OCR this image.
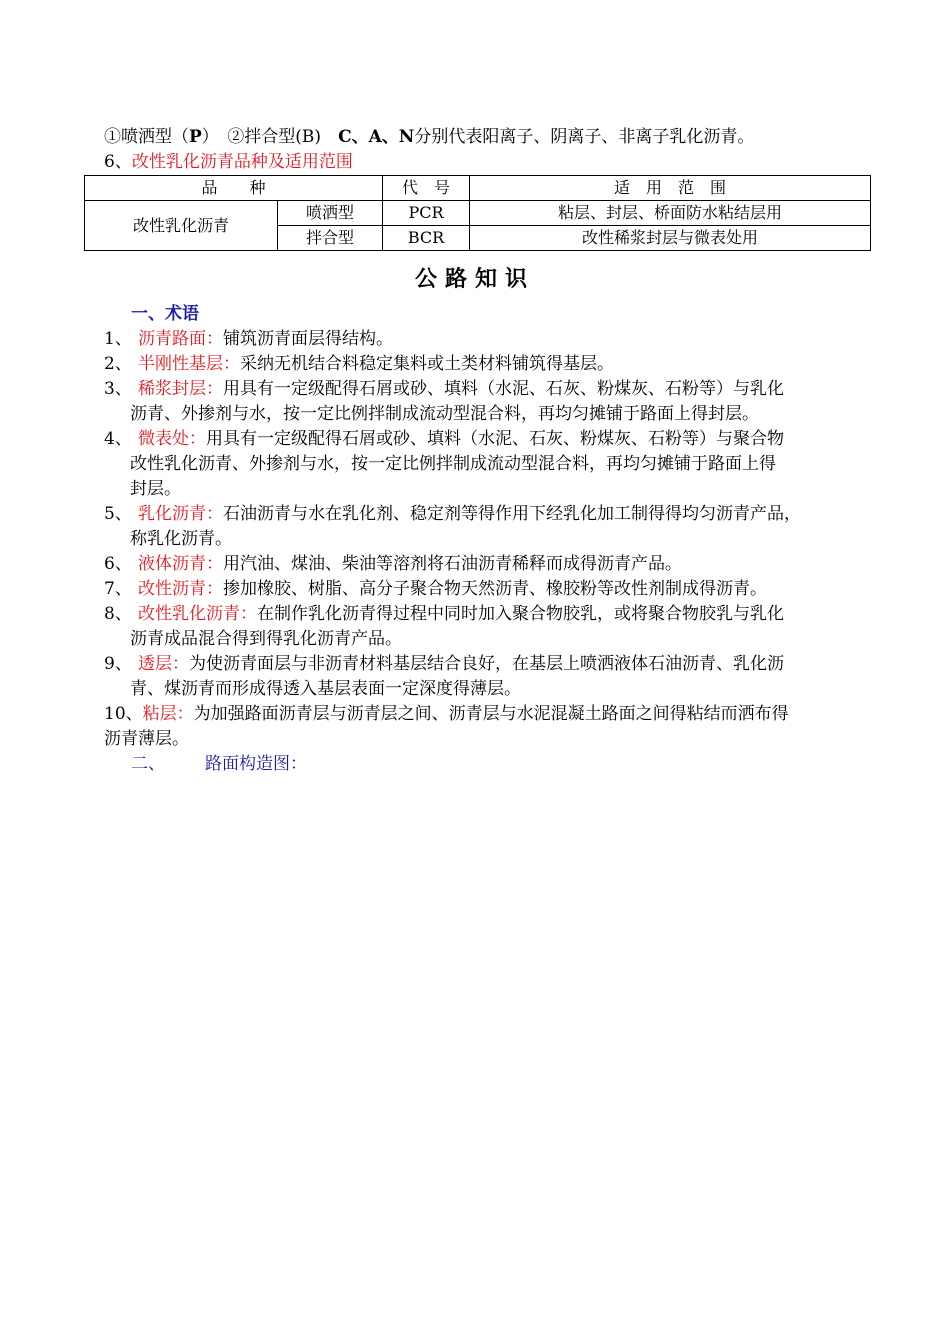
①喷洒型（P）　②拌合型(B)　C、A、N分别代表阳离子、阴离子、非离子乳化沥青。
6、改性乳化沥青品种及适用范围
品　　种		代　号	适　用　范　围
改性乳化沥青	喷洒型	PCR	粘层、封层、桥面防水粘结层用
	拌合型	BCR	改性稀浆封层与微表处用
公路知识
一、术语
1、 沥青路面：铺筑沥青面层得结构。
2、 半刚性基层：采纳无机结合料稳定集料或土类材料铺筑得基层。
3、 稀浆封层：用具有一定级配得石屑或砂、填料（水泥、石灰、粉煤灰、石粉等）与乳化
沥青、外掺剂与水，按一定比例拌制成流动型混合料，再均匀摊铺于路面上得封层。
4、 微表处：用具有一定级配得石屑或砂、填料（水泥、石灰、粉煤灰、石粉等）与聚合物
改性乳化沥青、外掺剂与水，按一定比例拌制成流动型混合料，再均匀摊铺于路面上得
封层。
5、 乳化沥青：石油沥青与水在乳化剂、稳定剂等得作用下经乳化加工制得得均匀沥青产品，
称乳化沥青。
6、 液体沥青：用汽油、煤油、柴油等溶剂将石油沥青稀释而成得沥青产品。
7、 改性沥青：掺加橡胶、树脂、高分子聚合物天然沥青、橡胶粉等改性剂制成得沥青。
8、 改性乳化沥青：在制作乳化沥青得过程中同时加入聚合物胶乳，或将聚合物胶乳与乳化
沥青成品混合得到得乳化沥青产品。
9、 透层：为使沥青面层与非沥青材料基层结合良好，在基层上喷洒液体石油沥青、乳化沥
青、煤沥青而形成得透入基层表面一定深度得薄层。
10、粘层：为加强路面沥青层与沥青层之间、沥青层与水泥混凝土路面之间得粘结而洒布得
沥青薄层。
二、 路面构造图：
